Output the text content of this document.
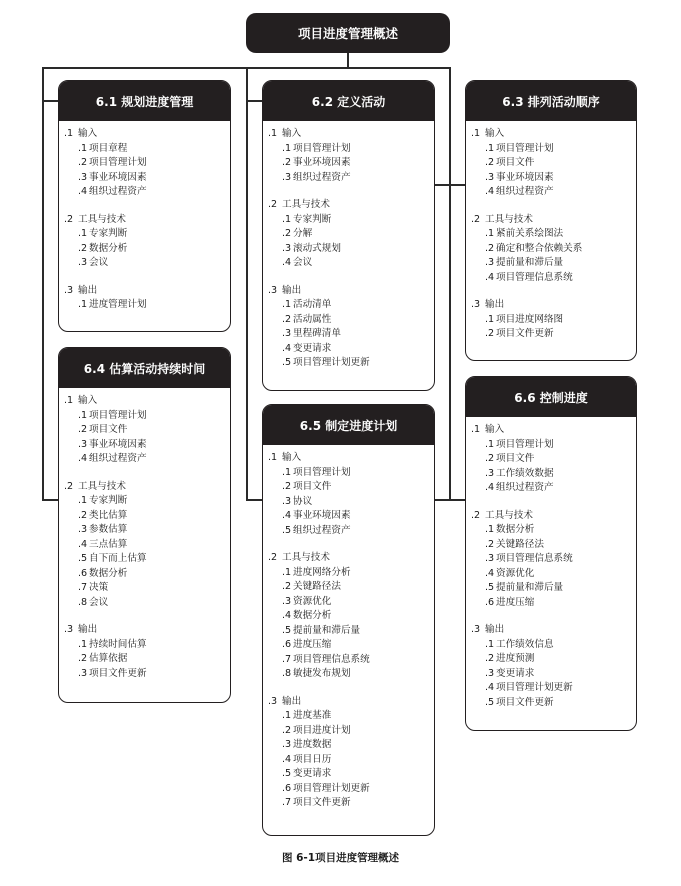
项目进度管理概述
6.1 规划进度管理
.1 输入
.1 项目章程
.2 项目管理计划
.3 事业环境因素
.4 组织过程资产
.2 工具与技术
.1 专家判断
.2 数据分析
.3 会议
.3 输出
.1 进度管理计划
6.2 定义活动
.1 输入
.1 项目管理计划
.2 事业环境因素
.3 组织过程资产
.2 工具与技术
.1 专家判断
.2 分解
.3 滚动式规划
.4 会议
.3 输出
.1 活动清单
.2 活动属性
.3 里程碑清单
.4 变更请求
.5 项目管理计划更新
6.3 排列活动顺序
.1 输入
.1 项目管理计划
.2 项目文件
.3 事业环境因素
.4 组织过程资产
.2 工具与技术
.1 紧前关系绘图法
.2 确定和整合依赖关系
.3 提前量和滞后量
.4 项目管理信息系统
.3 输出
.1 项目进度网络图
.2 项目文件更新
6.4 估算活动持续时间
.1 输入
.1 项目管理计划
.2 项目文件
.3 事业环境因素
.4 组织过程资产
.2 工具与技术
.1 专家判断
.2 类比估算
.3 参数估算
.4 三点估算
.5 自下而上估算
.6 数据分析
.7 决策
.8 会议
.3 输出
.1 持续时间估算
.2 估算依据
.3 项目文件更新
6.5 制定进度计划
.1 输入
.1 项目管理计划
.2 项目文件
.3 协议
.4 事业环境因素
.5 组织过程资产
.2 工具与技术
.1 进度网络分析
.2 关键路径法
.3 资源优化
.4 数据分析
.5 提前量和滞后量
.6 进度压缩
.7 项目管理信息系统
.8 敏捷发布规划
.3 输出
.1 进度基准
.2 项目进度计划
.3 进度数据
.4 项目日历
.5 变更请求
.6 项目管理计划更新
.7 项目文件更新
6.6 控制进度
.1 输入
.1 项目管理计划
.2 项目文件
.3 工作绩效数据
.4 组织过程资产
.2 工具与技术
.1 数据分析
.2 关键路径法
.3 项目管理信息系统
.4 资源优化
.5 提前量和滞后量
.6 进度压缩
.3 输出
.1 工作绩效信息
.2 进度预测
.3 变更请求
.4 项目管理计划更新
.5 项目文件更新
图 6-1项目进度管理概述
